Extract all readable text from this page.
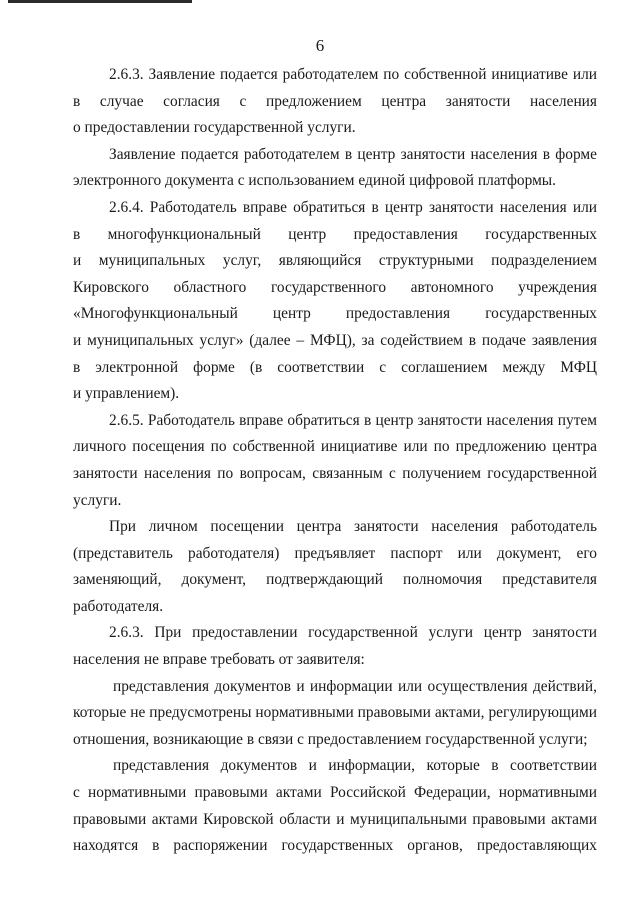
6
2.6.3. Заявление подается работодателем по собственной инициативе или
в случае согласия с предложением центра занятости населения
о предоставлении государственной услуги.
Заявление подается работодателем в центр занятости населения в форме
электронного документа с использованием единой цифровой платформы.
2.6.4. Работодатель вправе обратиться в центр занятости населения или
в многофункциональный центр предоставления государственных
и муниципальных услуг, являющийся структурными подразделением
Кировского областного государственного автономного учреждения
«Многофункциональный центр предоставления государственных
и муниципальных услуг» (далее – МФЦ), за содействием в подаче заявления
в электронной форме (в соответствии с соглашением между МФЦ
и управлением).
2.6.5. Работодатель вправе обратиться в центр занятости населения путем
личного посещения по собственной инициативе или по предложению центра
занятости населения по вопросам, связанным с получением государственной
услуги.
При личном посещении центра занятости населения работодатель
(представитель работодателя) предъявляет паспорт или документ, его
заменяющий, документ, подтверждающий полномочия представителя
работодателя.
2.6.3. При предоставлении государственной услуги центр занятости
населения не вправе требовать от заявителя:
представления документов и информации или осуществления действий,
которые не предусмотрены нормативными правовыми актами, регулирующими
отношения, возникающие в связи с предоставлением государственной услуги;
представления документов и информации, которые в соответствии
с нормативными правовыми актами Российской Федерации, нормативными
правовыми актами Кировской области и муниципальными правовыми актами
находятся в распоряжении государственных органов, предоставляющих
